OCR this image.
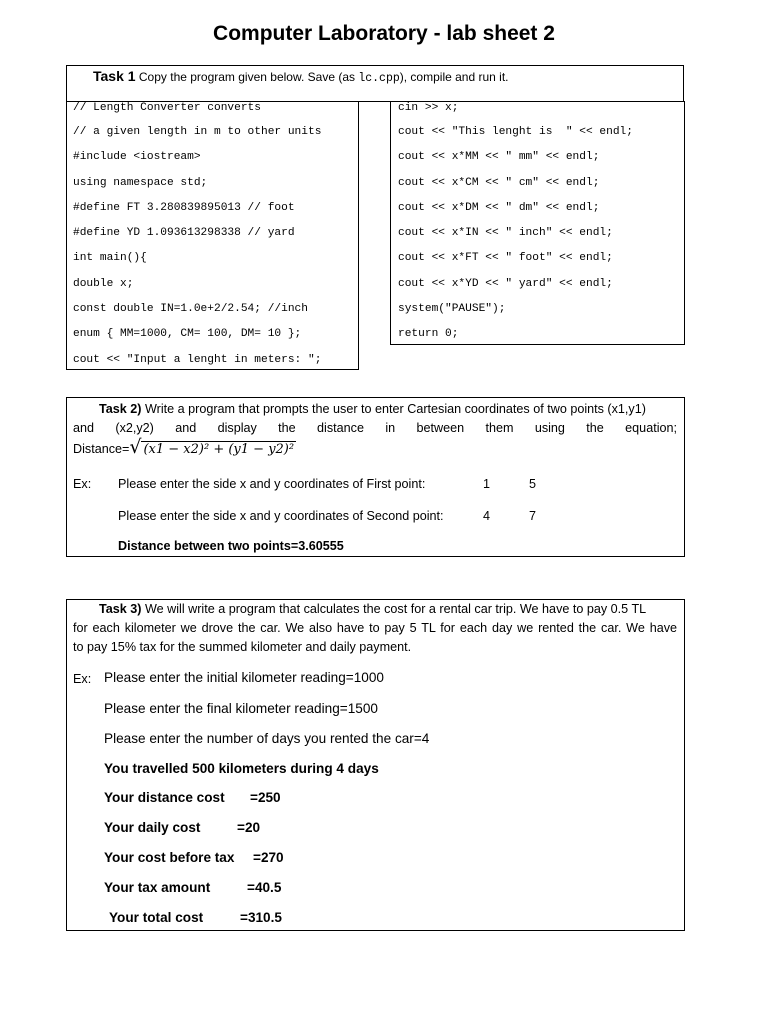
Computer Laboratory - lab sheet 2
Task 1 Copy the program given below. Save (as lc.cpp), compile and run it.

// Length Converter converts

// a given length in m to other units

#include <iostream>

using namespace std;

#define FT 3.280839895013 // foot

#define YD 1.093613298338 // yard

int main(){

double x;

const double IN=1.0e+2/2.54; //inch

enum { MM=1000, CM= 100, DM= 10 };

cout << "Input a lenght in meters: ";

cin >> x;

cout << "This lenght is  " << endl;

cout << x*MM << " mm" << endl;

cout << x*CM << " cm" << endl;

cout << x*DM << " dm" << endl;

cout << x*IN << " inch" << endl;

cout << x*FT << " foot" << endl;

cout << x*YD << " yard" << endl;

system("PAUSE");

return 0;

Task 2) Write a program that prompts the user to enter Cartesian coordinates of two points (x1,y1)
and (x2,y2) and display the distance in between them using the equation;
Distance=√ (x1 − x2)² + (y1 − y2)²
Ex: Please enter the side x and y coordinates of First point:	1	5
Please enter the side x and y coordinates of Second point:	4	7
Distance between two points=3.60555
Task 3) We will write a program that calculates the cost for a rental car trip. We have to pay 0.5 TL
for each kilometer we drove the car. We also have to pay 5 TL for each day we rented the car. We have
to pay 15% tax for the summed kilometer and daily payment.
Ex: Please enter the initial kilometer reading=1000
Please enter the final kilometer reading=1500
Please enter the number of days you rented the car=4
You travelled 500 kilometers during 4 days
Your distance cost =250
Your daily cost	=20
Your cost before tax =270
Your tax amount	=40.5
Your total cost	=310.5
